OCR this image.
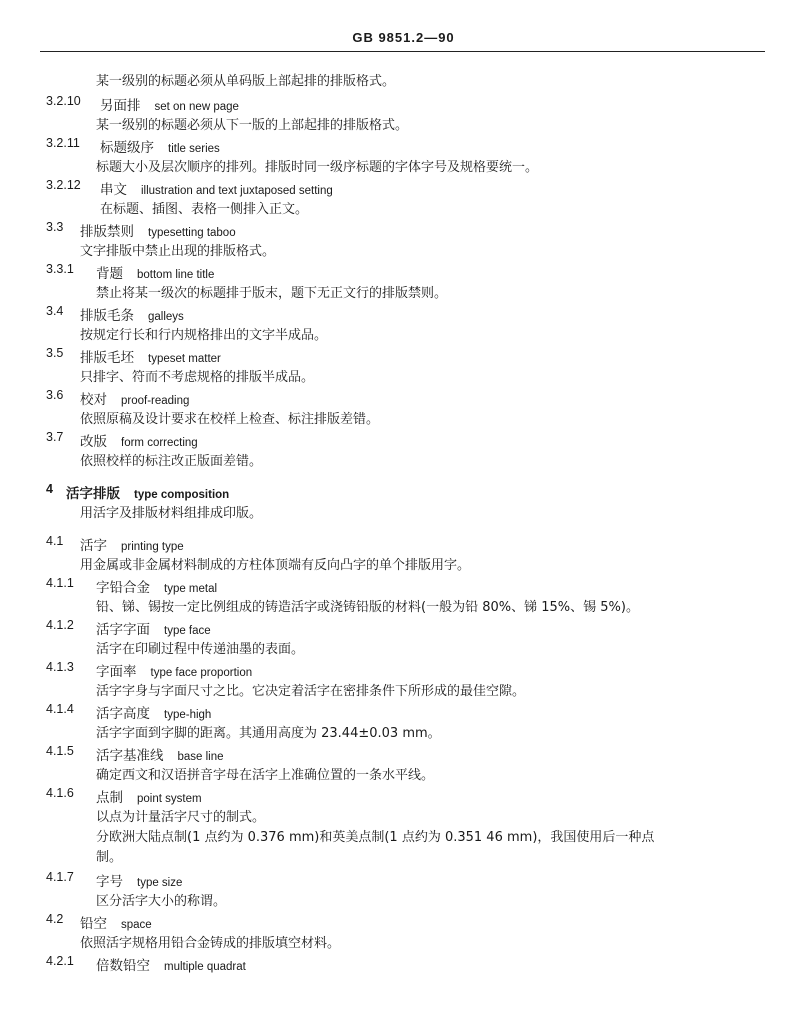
GB 9851.2—90
某一级别的标题必须从单码版上部起排的排版格式。
3.2.10 另面排 set on new page
某一级别的标题必须从下一版的上部起排的排版格式。
3.2.11 标题级序 title series
标题大小及层次顺序的排列。排版时同一级序标题的字体字号及规格要统一。
3.2.12 串文 illustration and text juxtaposed setting
在标题、插图、表格一侧排入正文。
3.3 排版禁则 typesetting taboo
文字排版中禁止出现的排版格式。
3.3.1 背题 bottom line title
禁止将某一级次的标题排于版末，题下无正文行的排版禁则。
3.4 排版毛条 galleys
按规定行长和行内规格排出的文字半成品。
3.5 排版毛坯 typeset matter
只排字、符而不考虑规格的排版半成品。
3.6 校对 proof-reading
依照原稿及设计要求在校样上检查、标注排版差错。
3.7 改版 form correcting
依照校样的标注改正版面差错。
4 活字排版 type composition
用活字及排版材料组排成印版。
4.1 活字 printing type
用金属或非金属材料制成的方柱体顶端有反向凸字的单个排版用字。
4.1.1 字铅合金 type metal
铅、锑、锡按一定比例组成的铸造活字或浇铸铅版的材料(一般为铅 80%、锑 15%、锡 5%)。
4.1.2 活字字面 type face
活字在印刷过程中传递油墨的表面。
4.1.3 字面率 type face proportion
活字字身与字面尺寸之比。它决定着活字在密排条件下所形成的最佳空隙。
4.1.4 活字高度 type-high
活字字面到字脚的距离。其通用高度为 23.44±0.03 mm。
4.1.5 活字基准线 base line
确定西文和汉语拼音字母在活字上准确位置的一条水平线。
4.1.6 点制 point system
以点为计量活字尺寸的制式。
分欧洲大陆点制(1 点约为 0.376 mm)和英美点制(1 点约为 0.351 46 mm)，我国使用后一种点
制。
4.1.7 字号 type size
区分活字大小的称谓。
4.2 铅空 space
依照活字规格用铅合金铸成的排版填空材料。
4.2.1 倍数铅空 multiple quadrat
